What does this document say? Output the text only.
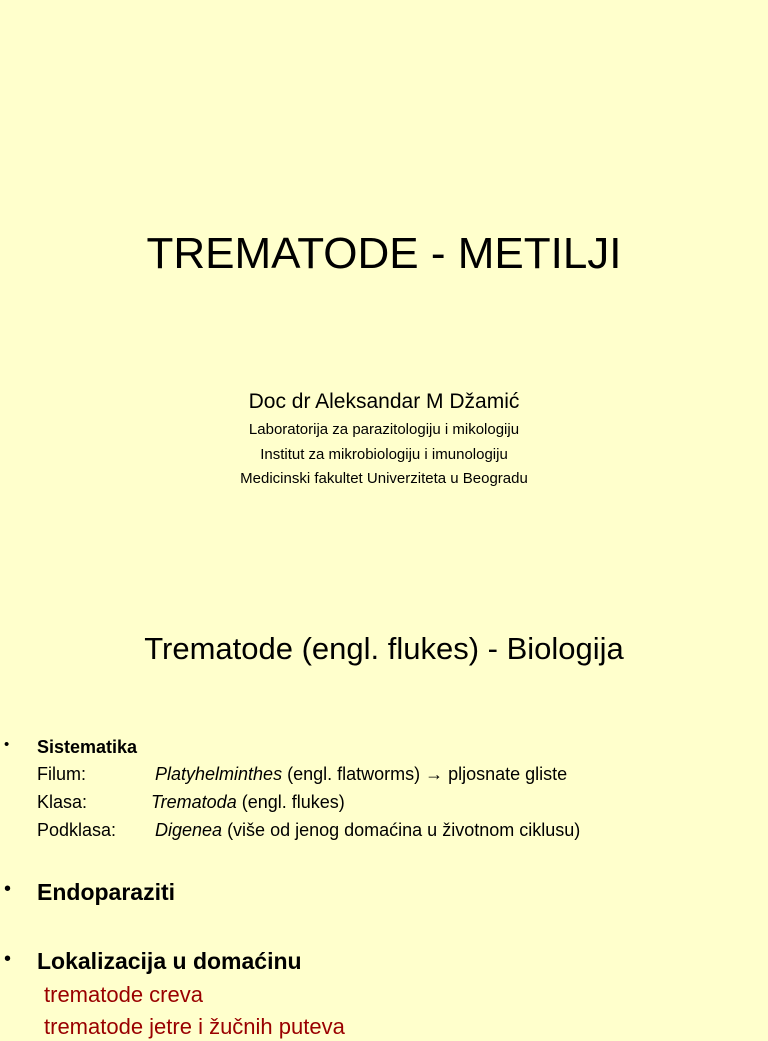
TREMATODE - METILJI
Doc dr Aleksandar M Džamić
Laboratorija za parazitologiju i mikologiju
Institut za mikrobiologiju i imunologiju
Medicinski fakultet Univerziteta u Beogradu
Trematode (engl. flukes) - Biologija
• Sistematika
Filum:	Platyhelminthes (engl. flatworms) → pljosnate gliste
Klasa:	Trematoda (engl. flukes)
Podklasa: Digenea (više od jenog domaćina u životnom ciklusu)
• Endoparaziti
• Lokalizacija u domaćinu
trematode creva
trematode jetre i žučnih puteva
